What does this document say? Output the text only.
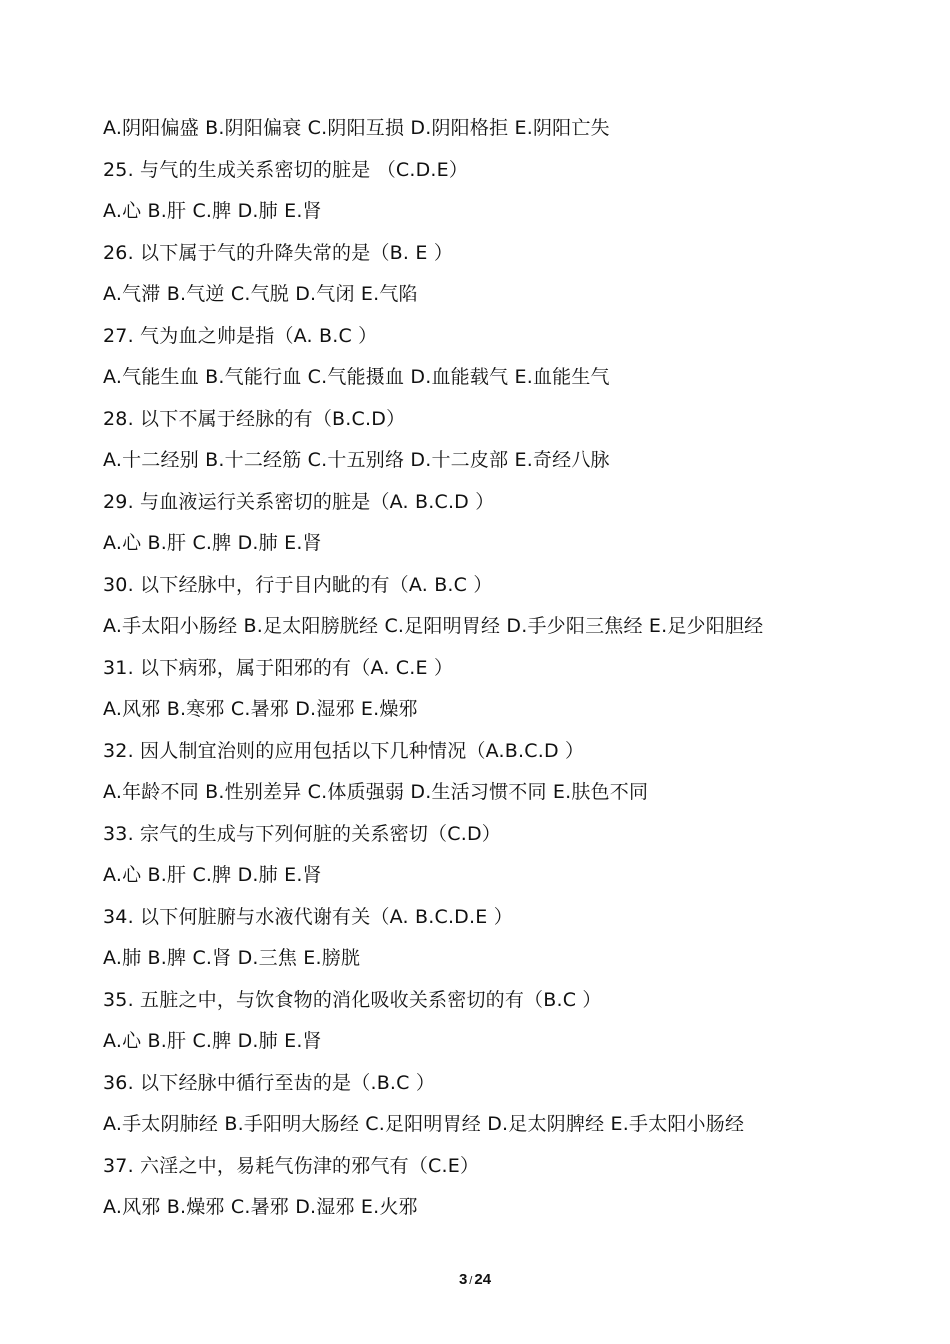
A.阴阳偏盛 B.阴阳偏衰 C.阴阳互损 D.阴阳格拒 E.阴阳亡失
25. 与气的生成关系密切的脏是 （C.D.E）
A.心 B.肝 C.脾 D.肺 E.肾
26. 以下属于气的升降失常的是（B. E ）
A.气滞 B.气逆 C.气脱 D.气闭 E.气陷
27. 气为血之帅是指（A. B.C ）
A.气能生血 B.气能行血 C.气能摄血 D.血能载气 E.血能生气
28. 以下不属于经脉的有（B.C.D）
A.十二经别 B.十二经筋 C.十五别络 D.十二皮部 E.奇经八脉
29. 与血液运行关系密切的脏是（A. B.C.D ）
A.心 B.肝 C.脾 D.肺 E.肾
30. 以下经脉中，行于目内眦的有（A. B.C ）
A.手太阳小肠经 B.足太阳膀胱经 C.足阳明胃经 D.手少阳三焦经 E.足少阳胆经
31. 以下病邪，属于阳邪的有（A. C.E ）
A.风邪 B.寒邪 C.暑邪 D.湿邪 E.燥邪
32. 因人制宜治则的应用包括以下几种情况（A.B.C.D ）
A.年龄不同 B.性别差异 C.体质强弱 D.生活习惯不同 E.肤色不同
33. 宗气的生成与下列何脏的关系密切（C.D）
A.心 B.肝 C.脾 D.肺 E.肾
34. 以下何脏腑与水液代谢有关（A. B.C.D.E ）
A.肺 B.脾 C.肾 D.三焦 E.膀胱
35. 五脏之中，与饮食物的消化吸收关系密切的有（B.C ）
A.心 B.肝 C.脾 D.肺 E.肾
36. 以下经脉中循行至齿的是（.B.C ）
A.手太阴肺经 B.手阳明大肠经 C.足阳明胃经 D.足太阴脾经 E.手太阳小肠经
37. 六淫之中，易耗气伤津的邪气有（C.E）
A.风邪 B.燥邪 C.暑邪 D.湿邪 E.火邪
3 / 24
